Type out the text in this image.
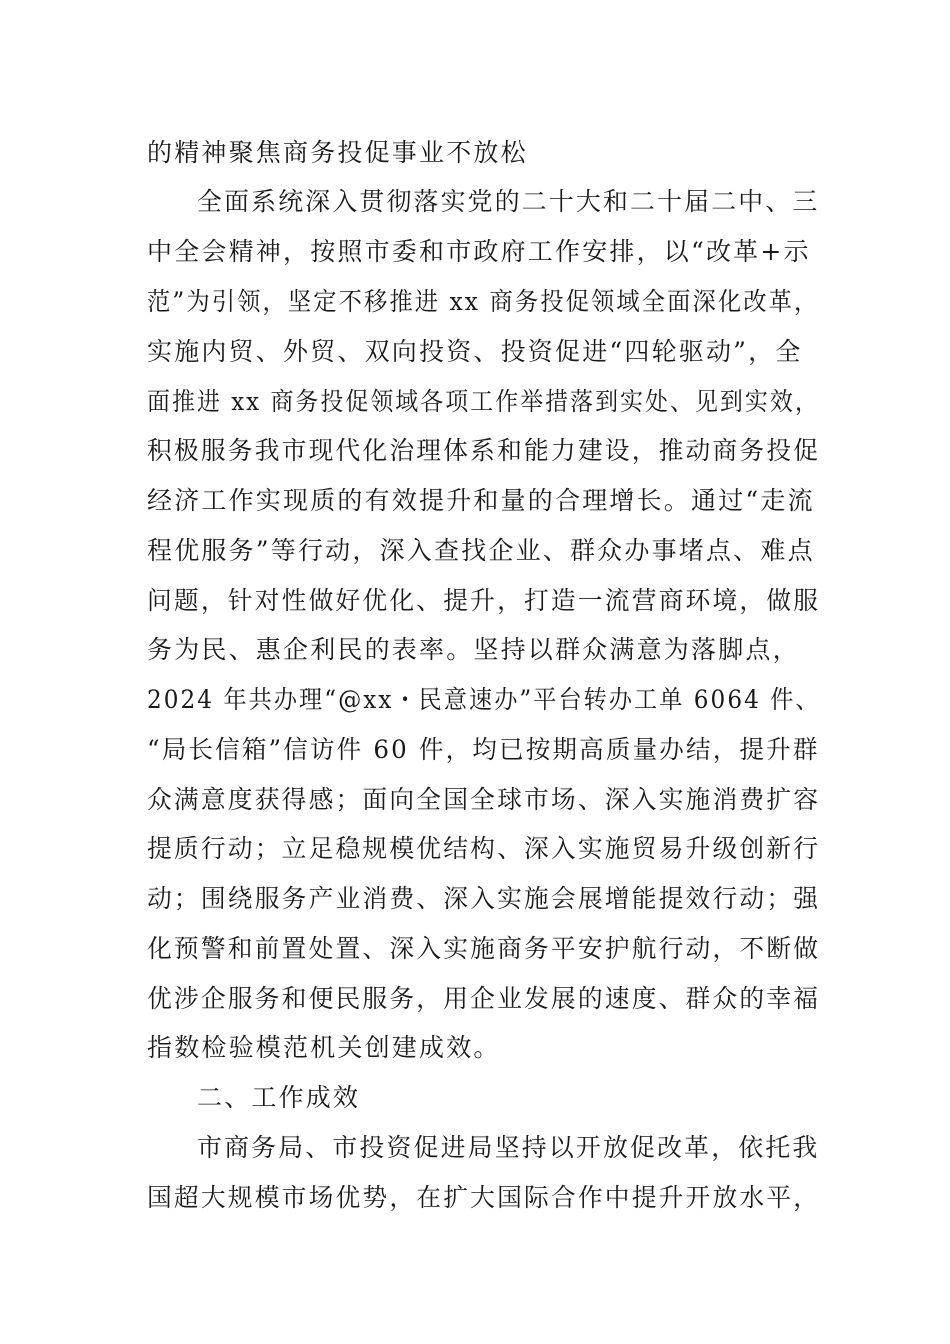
的精神聚焦商务投促事业不放松
全面系统深入贯彻落实党的二十大和二十届二中、三
中全会精神，按照市委和市政府工作安排，以“改革+示
范”为引领，坚定不移推进 xx 商务投促领域全面深化改革，
实施内贸、外贸、双向投资、投资促进“四轮驱动”，全
面推进 xx 商务投促领域各项工作举措落到实处、见到实效，
积极服务我市现代化治理体系和能力建设，推动商务投促
经济工作实现质的有效提升和量的合理增长。通过“走流
程优服务”等行动，深入查找企业、群众办事堵点、难点
问题，针对性做好优化、提升，打造一流营商环境，做服
务为民、惠企利民的表率。坚持以群众满意为落脚点，
2024 年共办理“@xx・民意速办”平台转办工单 6064 件、
“局长信箱”信访件 60 件，均已按期高质量办结，提升群
众满意度获得感；面向全国全球市场、深入实施消费扩容
提质行动；立足稳规模优结构、深入实施贸易升级创新行
动；围绕服务产业消费、深入实施会展增能提效行动；强
化预警和前置处置、深入实施商务平安护航行动，不断做
优涉企服务和便民服务，用企业发展的速度、群众的幸福
指数检验模范机关创建成效。
二、工作成效
市商务局、市投资促进局坚持以开放促改革，依托我
国超大规模市场优势，在扩大国际合作中提升开放水平，
